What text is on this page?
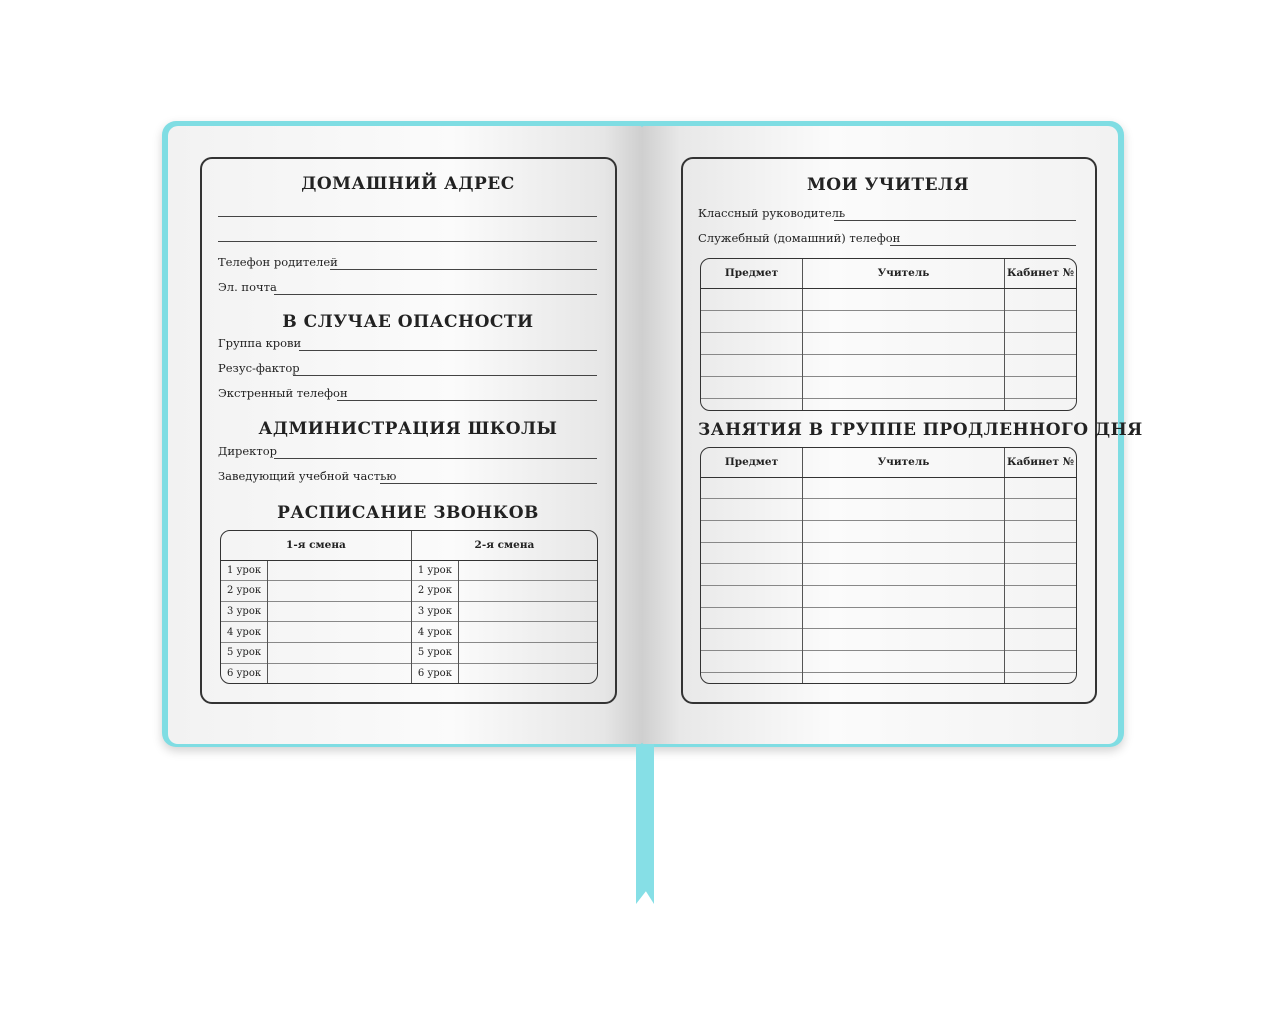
ДОМАШНИЙ АДРЕС
Телефон родителей
Эл. почта
В СЛУЧАЕ ОПАСНОСТИ
Группа крови
Резус-фактор
Экстренный телефон
АДМИНИСТРАЦИЯ ШКОЛЫ
Директор
Заведующий учебной частью
РАСПИСАНИЕ ЗВОНКОВ
1-я смена		2-я смена	
1 урок		1 урок	
2 урок		2 урок	
3 урок		3 урок	
4 урок		4 урок	
5 урок		5 урок	
6 урок		6 урок	
МОИ УЧИТЕЛЯ
Классный руководитель
Служебный (домашний) телефон
Предмет	Учитель	Кабинет №

ЗАНЯТИЯ В ГРУППЕ ПРОДЛЕННОГО ДНЯ
Предмет	Учитель	Кабинет №
